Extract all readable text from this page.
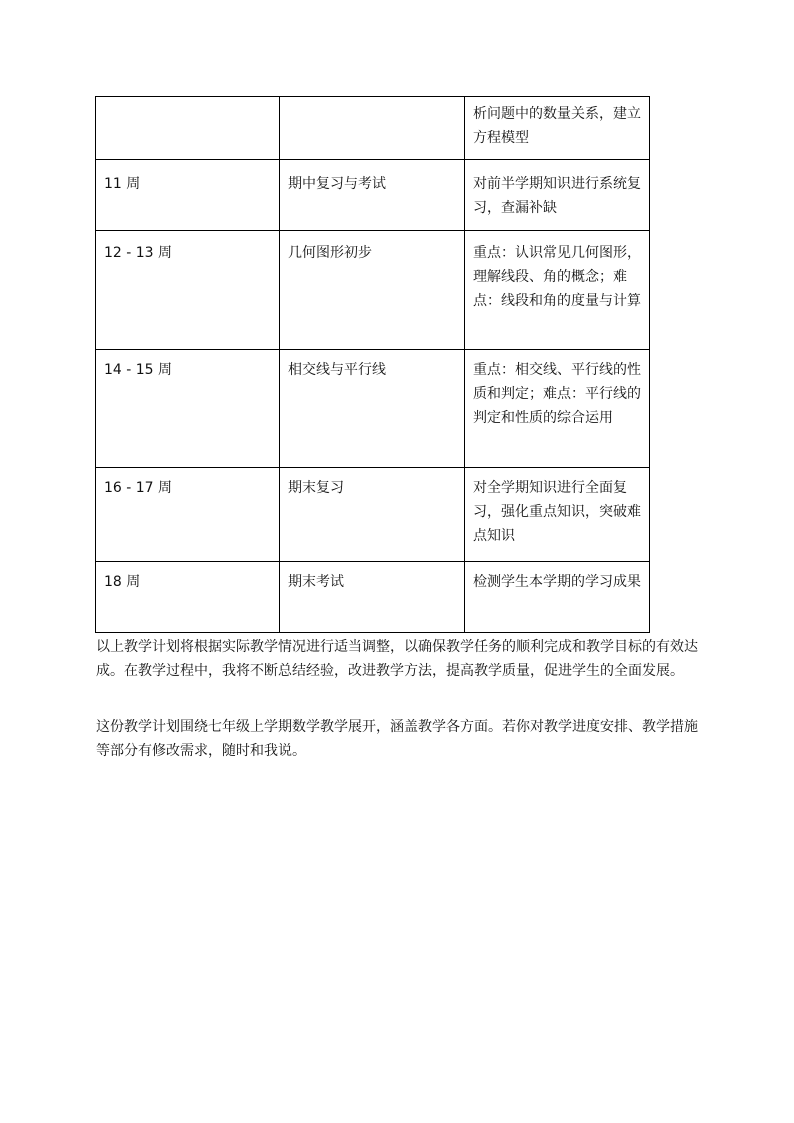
		析问题中的数量关系，建立方程模型
11 周	期中复习与考试	对前半学期知识进行系统复习，查漏补缺
12 - 13 周	几何图形初步	重点：认识常见几何图形，理解线段、角的概念；难点：线段和角的度量与计算
14 - 15 周	相交线与平行线	重点：相交线、平行线的性质和判定；难点：平行线的判定和性质的综合运用
16 - 17 周	期末复习	对全学期知识进行全面复习，强化重点知识，突破难点知识
18 周	期末考试	检测学生本学期的学习成果

以上教学计划将根据实际教学情况进行适当调整，以确保教学任务的顺利完成和教学目标的有效达成。在教学过程中，我将不断总结经验，改进教学方法，提高教学质量，促进学生的全面发展。

这份教学计划围绕七年级上学期数学教学展开，涵盖教学各方面。若你对教学进度安排、教学措施等部分有修改需求，随时和我说。
